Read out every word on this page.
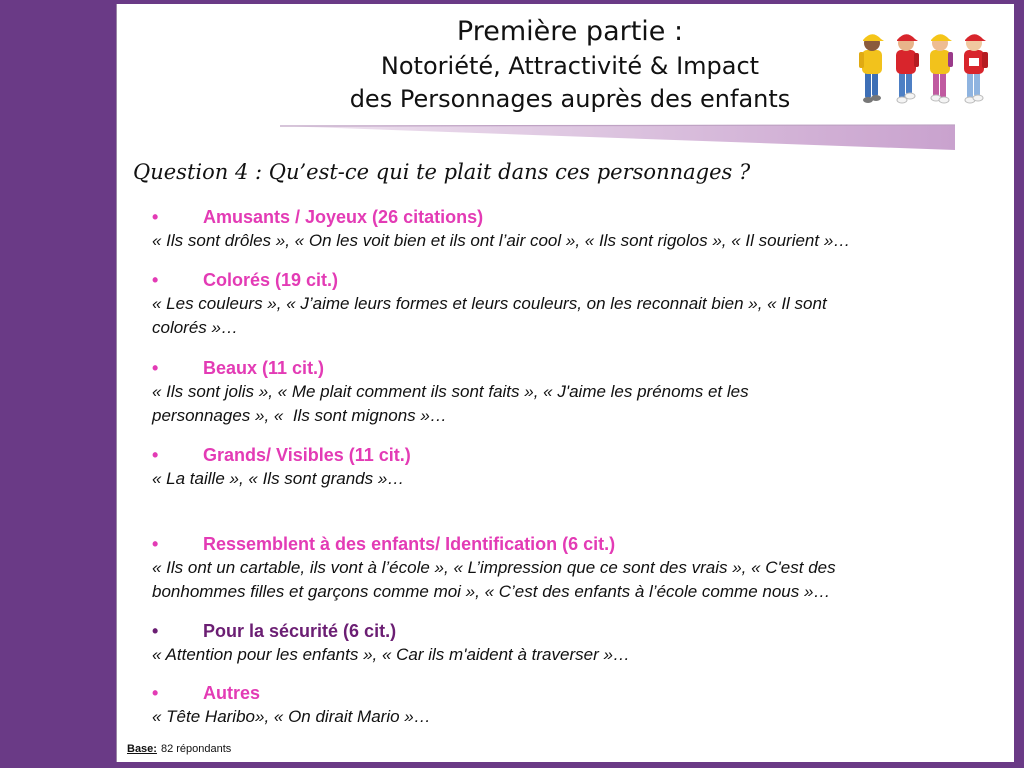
Première partie :
Notoriété, Attractivité & Impact
des Personnages auprès des enfants
Question 4 : Qu’est-ce qui te plait dans ces personnages ?
• Amusants / Joyeux (26 citations)
« Ils sont drôles », « On les voit bien et ils ont l’air cool », « Ils sont rigolos », « Il sourient »…
• Colorés (19 cit.)
« Les couleurs », « J’aime leurs formes et leurs couleurs, on les reconnait bien », « Il sont
colorés »…
• Beaux (11 cit.)
« Ils sont jolis », « Me plait comment ils sont faits », « J'aime les prénoms et les
personnages », «  Ils sont mignons »…
• Grands/ Visibles (11 cit.)
« La taille », « Ils sont grands »…
• Ressemblent à des enfants/ Identification (6 cit.)
« Ils ont un cartable, ils vont à l’école », « L’impression que ce sont des vrais », « C'est des
bonhommes filles et garçons comme moi », « C’est des enfants à l’école comme nous »…
• Pour la sécurité (6 cit.)
« Attention pour les enfants », « Car ils m'aident à traverser »…
• Autres
« Tête Haribo», « On dirait Mario »…
Base: 82 répondants
